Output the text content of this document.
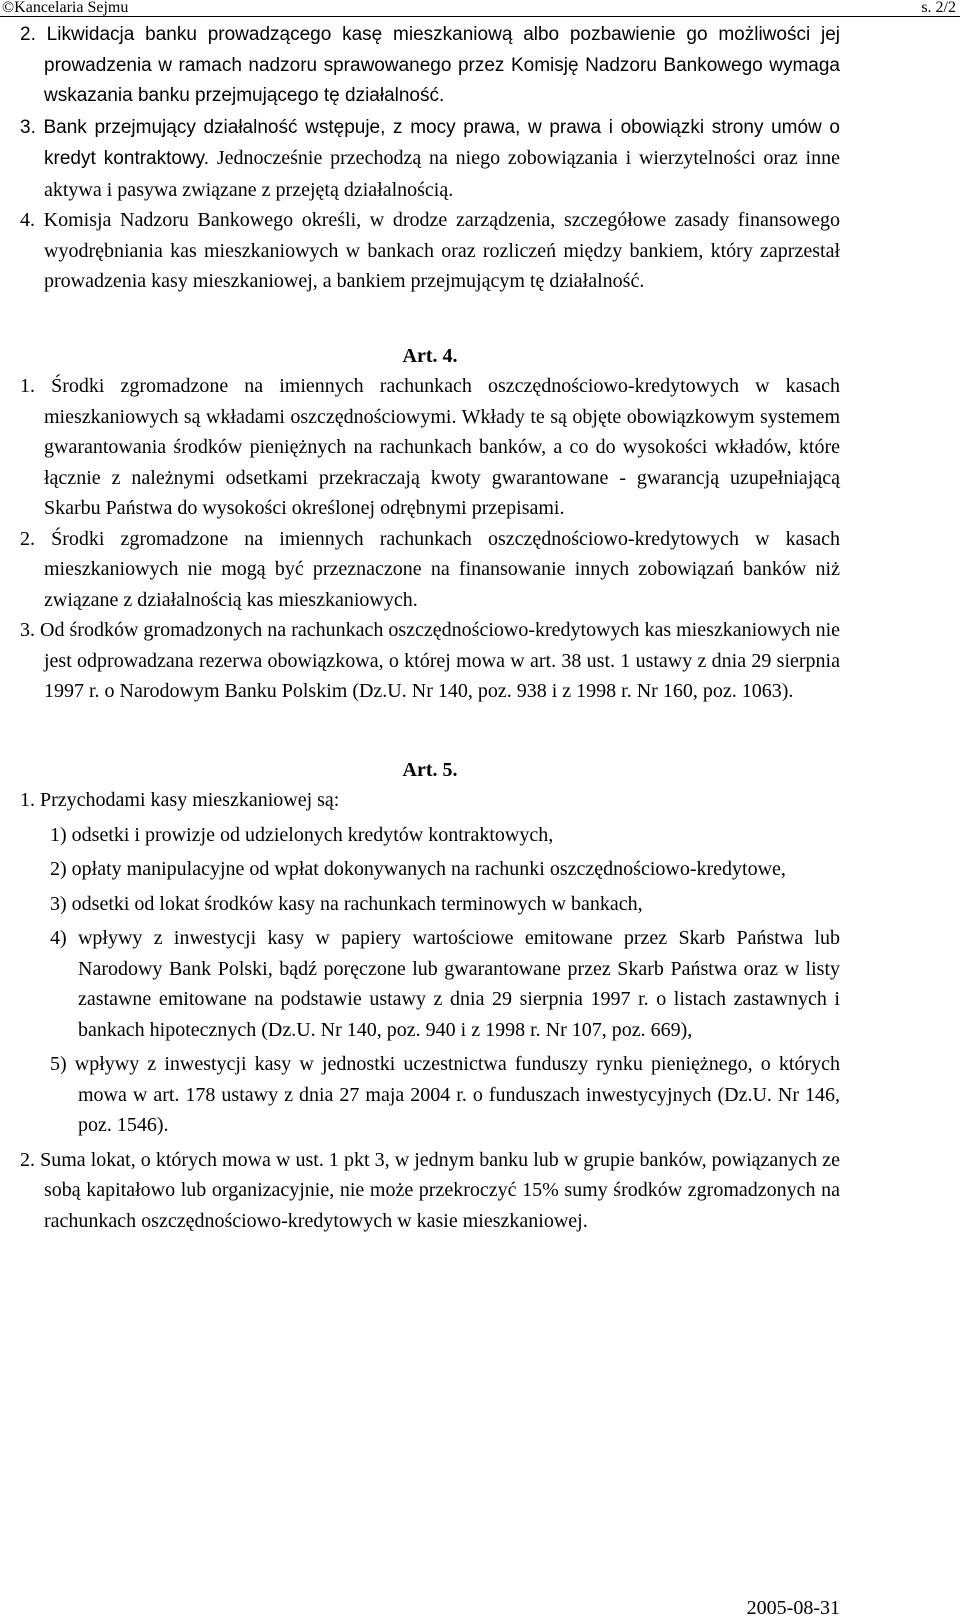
©Kancelaria Sejmu	s. 2/2
2. Likwidacja banku prowadzącego kasę mieszkaniową albo pozbawienie go możliwości jej prowadzenia w ramach nadzoru sprawowanego przez Komisję Nadzoru Bankowego wymaga wskazania banku przejmującego tę działalność.
3. Bank przejmujący działalność wstępuje, z mocy prawa, w prawa i obowiązki strony umów o kredyt kontraktowy. Jednocześnie przechodzą na niego zobowiązania i wierzytelności oraz inne aktywa i pasywa związane z przejętą działalnością.
4. Komisja Nadzoru Bankowego określi, w drodze zarządzenia, szczegółowe zasady finansowego wyodrębniania kas mieszkaniowych w bankach oraz rozliczeń między bankiem, który zaprzestał prowadzenia kasy mieszkaniowej, a bankiem przejmującym tę działalność.
Art. 4.
1. Środki zgromadzone na imiennych rachunkach oszczędnościowo-kredytowych w kasach mieszkaniowych są wkładami oszczędnościowymi. Wkłady te są objęte obowiązkowym systemem gwarantowania środków pieniężnych na rachunkach banków, a co do wysokości wkładów, które łącznie z należnymi odsetkami przekraczają kwoty gwarantowane - gwarancją uzupełniającą Skarbu Państwa do wysokości określonej odrębnymi przepisami.
2. Środki zgromadzone na imiennych rachunkach oszczędnościowo-kredytowych w kasach mieszkaniowych nie mogą być przeznaczone na finansowanie innych zobowiązań banków niż związane z działalnością kas mieszkaniowych.
3. Od środków gromadzonych na rachunkach oszczędnościowo-kredytowych kas mieszkaniowych nie jest odprowadzana rezerwa obowiązkowa, o której mowa w art. 38 ust. 1 ustawy z dnia 29 sierpnia 1997 r. o Narodowym Banku Polskim (Dz.U. Nr 140, poz. 938 i z 1998 r. Nr 160, poz. 1063).
Art. 5.
1. Przychodami kasy mieszkaniowej są:
1) odsetki i prowizje od udzielonych kredytów kontraktowych,
2) opłaty manipulacyjne od wpłat dokonywanych na rachunki oszczędnościowo-kredytowe,
3) odsetki od lokat środków kasy na rachunkach terminowych w bankach,
4) wpływy z inwestycji kasy w papiery wartościowe emitowane przez Skarb Państwa lub Narodowy Bank Polski, bądź poręczone lub gwarantowane przez Skarb Państwa oraz w listy zastawne emitowane na podstawie ustawy z dnia 29 sierpnia 1997 r. o listach zastawnych i bankach hipotecznych (Dz.U. Nr 140, poz. 940 i z 1998 r. Nr 107, poz. 669),
5) wpływy z inwestycji kasy w jednostki uczestnictwa funduszy rynku pieniężnego, o których mowa w art. 178 ustawy z dnia 27 maja 2004 r. o funduszach inwestycyjnych (Dz.U. Nr 146, poz. 1546).
2. Suma lokat, o których mowa w ust. 1 pkt 3, w jednym banku lub w grupie banków, powiązanych ze sobą kapitałowo lub organizacyjnie, nie może przekroczyć 15% sumy środków zgromadzonych na rachunkach oszczędnościowo-kredytowych w kasie mieszkaniowej.
2005-08-31
